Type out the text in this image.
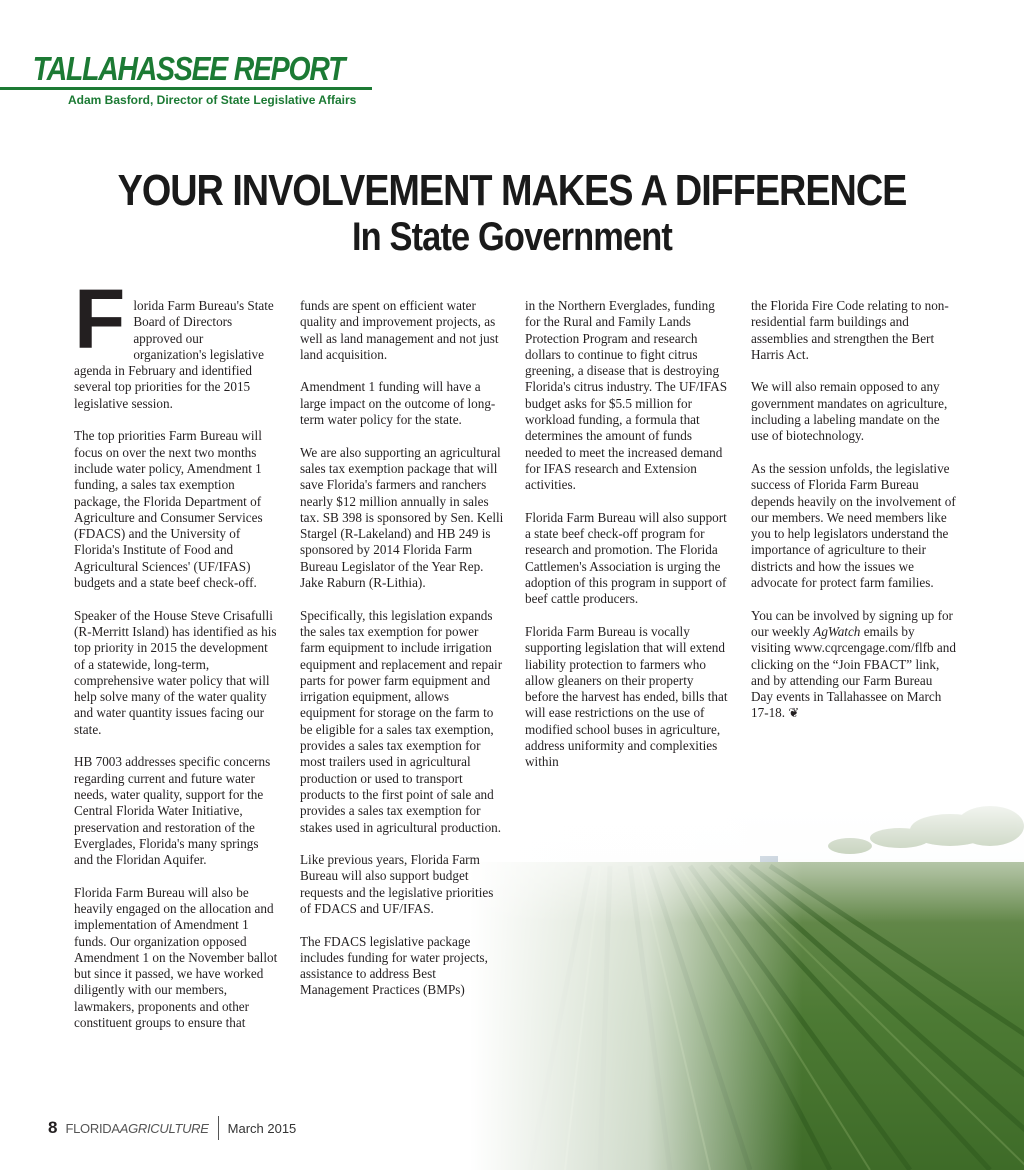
TALLAHASSEE REPORT
Adam Basford, Director of State Legislative Affairs
YOUR INVOLVEMENT MAKES A DIFFERENCE
In State Government

Florida Farm Bureau's State Board of Directors approved our organization's legislative agenda in February and identified several top priorities for the 2015 legislative session.

The top priorities Farm Bureau will focus on over the next two months include water policy, Amendment 1 funding, a sales tax exemption package, the Florida Department of Agriculture and Consumer Services (FDACS) and the University of Florida's Institute of Food and Agricultural Sciences' (UF/IFAS) budgets and a state beef check-off.

Speaker of the House Steve Crisafulli (R-Merritt Island) has identified as his top priority in 2015 the development of a statewide, long-term, comprehensive water policy that will help solve many of the water quality and water quantity issues facing our state.

HB 7003 addresses specific concerns regarding current and future water needs, water quality, support for the Central Florida Water Initiative, preservation and restoration of the Everglades, Florida's many springs and the Floridan Aquifer.

Florida Farm Bureau will also be heavily engaged on the allocation and implementation of Amendment 1 funds. Our organization opposed Amendment 1 on the November ballot but since it passed, we have worked diligently with our members, lawmakers, proponents and other constituent groups to ensure that

funds are spent on efficient water quality and improvement projects, as well as land management and not just land acquisition.

Amendment 1 funding will have a large impact on the outcome of long-term water policy for the state.

We are also supporting an agricultural sales tax exemption package that will save Florida's farmers and ranchers nearly $12 million annually in sales tax. SB 398 is sponsored by Sen. Kelli Stargel (R-Lakeland) and HB 249 is sponsored by 2014 Florida Farm Bureau Legislator of the Year Rep. Jake Raburn (R-Lithia).

Specifically, this legislation expands the sales tax exemption for power farm equipment to include irrigation equipment and replacement and repair parts for power farm equipment and irrigation equipment, allows equipment for storage on the farm to be eligible for a sales tax exemption, provides a sales tax exemption for most trailers used in agricultural production or used to transport products to the first point of sale and provides a sales tax exemption for stakes used in agricultural production.

Like previous years, Florida Farm Bureau will also support budget requests and the legislative priorities of FDACS and UF/IFAS.

The FDACS legislative package includes funding for water projects, assistance to address Best Management Practices (BMPs)

in the Northern Everglades, funding for the Rural and Family Lands Protection Program and research dollars to continue to fight citrus greening, a disease that is destroying Florida's citrus industry. The UF/IFAS budget asks for $5.5 million for workload funding, a formula that determines the amount of funds needed to meet the increased demand for IFAS research and Extension activities.

Florida Farm Bureau will also support a state beef check-off program for research and promotion. The Florida Cattlemen's Association is urging the adoption of this program in support of beef cattle producers.

Florida Farm Bureau is vocally supporting legislation that will extend liability protection to farmers who allow gleaners on their property before the harvest has ended, bills that will ease restrictions on the use of modified school buses in agriculture, address uniformity and complexities within

the Florida Fire Code relating to non-residential farm buildings and assemblies and strengthen the Bert Harris Act.

We will also remain opposed to any government mandates on agriculture, including a labeling mandate on the use of biotechnology.

As the session unfolds, the legislative success of Florida Farm Bureau depends heavily on the involvement of our members. We need members like you to help legislators understand the importance of agriculture to their districts and how the issues we advocate for protect farm families.

You can be involved by signing up for our weekly AgWatch emails by visiting www.cqrcengage.com/flfb and clicking on the “Join FBACT” link, and by attending our Farm Bureau Day events in Tallahassee on March 17-18. ❦

8 FLORIDA AGRICULTURE March 2015
